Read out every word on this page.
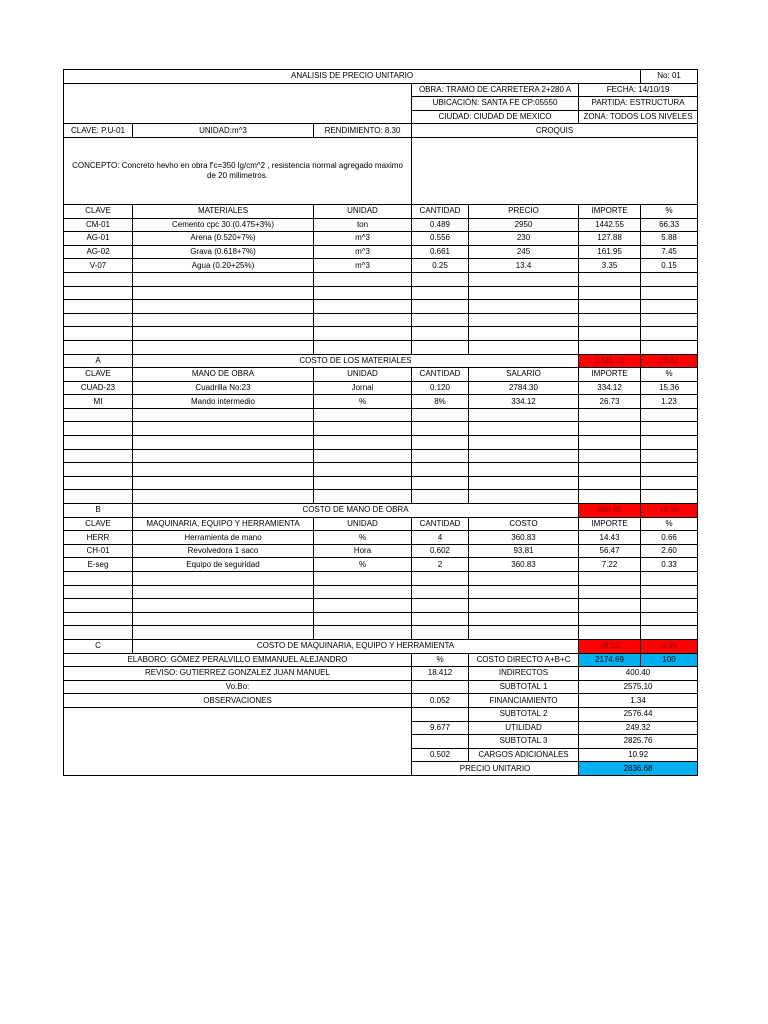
ANALISIS DE PRECIO UNITARIO						No: 01
			OBRA: TRAMO DE CARRETERA 2+280 A		FECHA: 14/10/19	
			UBICACIÓN: SANTA FE CP:05550		PARTIDA: ESTRUCTURA	
			CIUDAD: CIUDAD DE MEXICO		ZONA: TODOS LOS NIVELES	
CLAVE: P.U-01	UNIDAD:m^3	RENDIMIENTO: 8.30	CROQUIS			
CONCEPTO: Concreto hevho en obra f'c=350 lg/cm^2 , resistencia normal agregado maximo de 20 milimetros.						
CLAVE	MATERIALES	UNIDAD	CANTIDAD	PRECIO	IMPORTE	%
CM-01	Cemento cpc 30 (0.475+3%)	ton	0.489	2950	1442.55	66.33
AG-01	Arena (0.520+7%)	m^3	0.556	230	127.88	5.88
AG-02	Grava (0.618+7%)	m^3	0.661	245	161.95	7.45
V-07	Agua (0.20+25%)	m^3	0.25	13.4	3.35	0.15

A	COSTO DE LOS MATERIALES				1735.73	79.81
CLAVE	MANO DE OBRA	UNIDAD	CANTIDAD	SALARIO	IMPORTE	%
CUAD-23	Cuadrilla No:23	Jornal	0.120	2784.30	334.12	15.36
MI	Mando intermedio	%	8%	334.12	26.73	1.23

B	COSTO DE MANO DE OBRA				360.85	16.59
CLAVE	MAQUINARIA, EQUIPO Y HERRAMIENTA	UNIDAD	CANTIDAD	COSTO	IMPORTE	%
HERR	Herramienta de mano	%	4	360.83	14.43	0.66
CH-01	Revolvedora 1 saco	Hora	0.602	93.81	56.47	2.60
E-seg	Equipo de seguridad	%	2	360.83	7.22	0.33

C	COSTO DE MAQUINARIA, EQUIPO Y HERRAMIENTA				78.12	3.59
ELABORO: GÓMEZ PERALVILLO EMMANUEL ALEJANDRO			%	COSTO DIRECTO A+B+C	2174.69	100
REVISO: GUTIERREZ GONZALEZ JUAN MANUEL			18.412	INDIRECTOS	400.40	
Vo.Bo:				SUBTOTAL 1	2575.10	
OBSERVACIONES			0.052	FINANCIAMIENTO	1.34	
				SUBTOTAL 2	2576.44	
			9.677	UTILIDAD	249.32	
				SUBTOTAL 3	2825.76	
			0.502	CARGOS ADICIONALES	10.92	
			PRECIO UNITARIO		2836.68	
